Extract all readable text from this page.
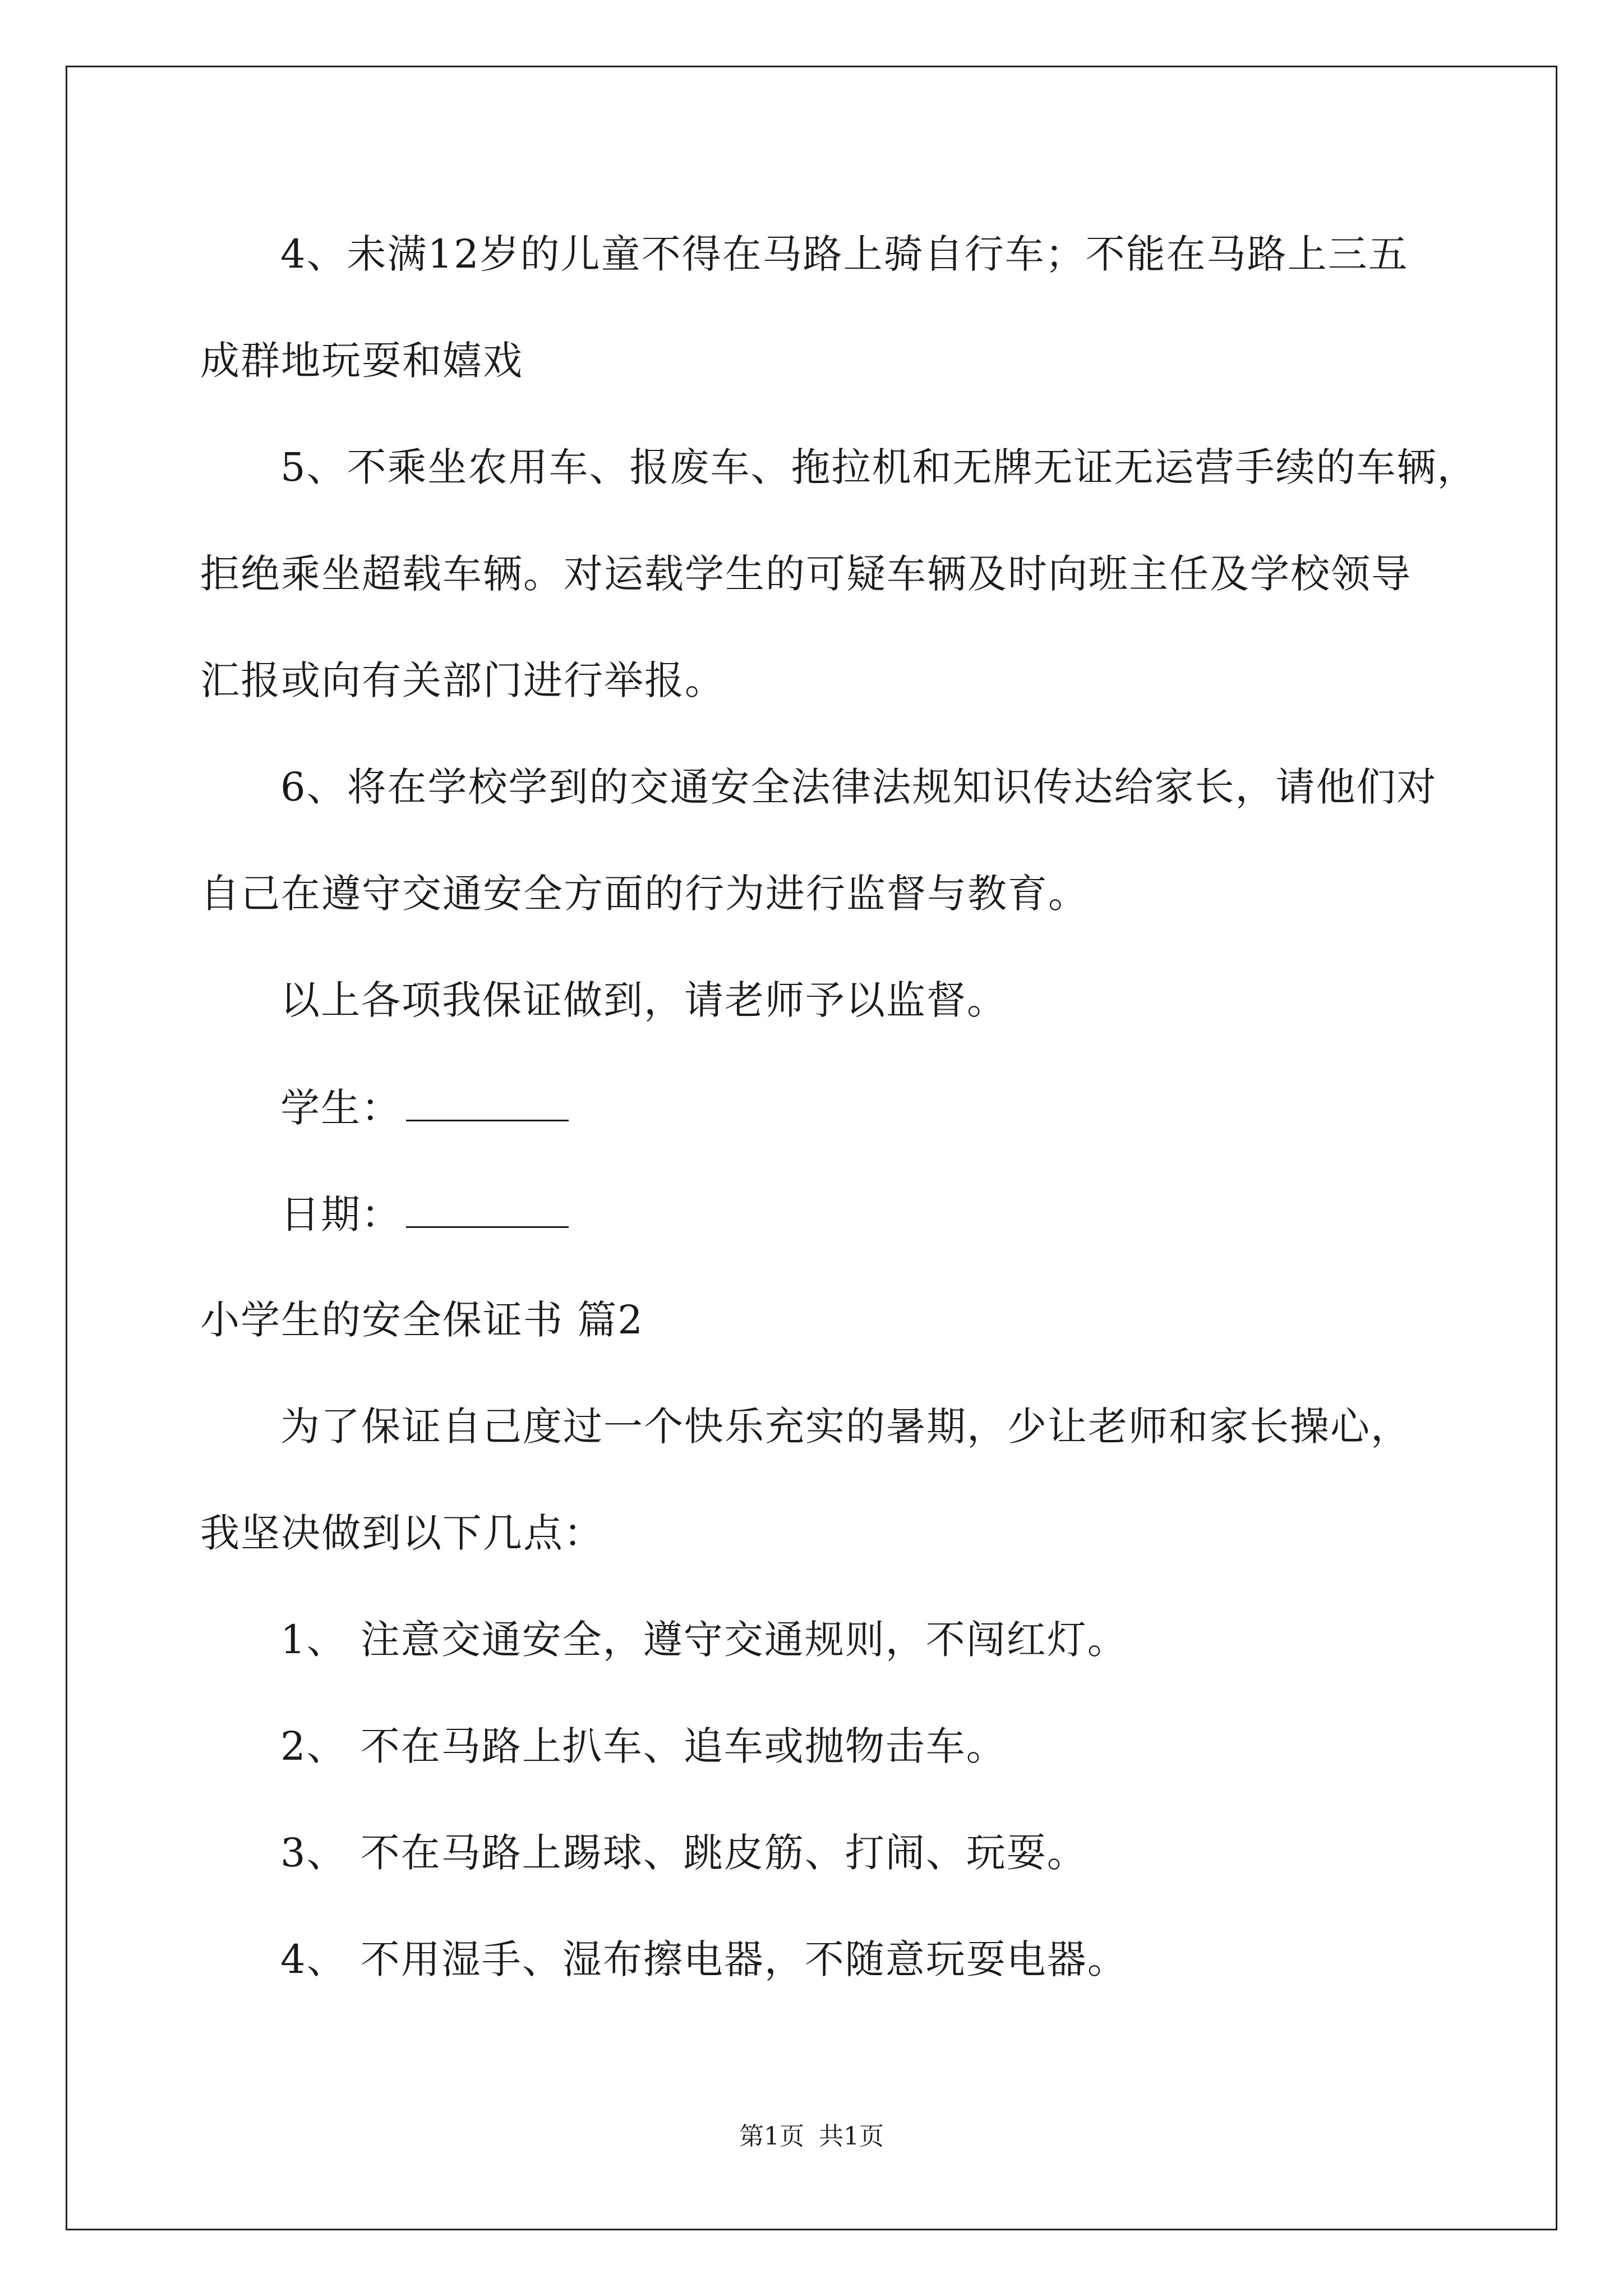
4、未满12岁的儿童不得在马路上骑自行车；不能在马路上三五

成群地玩耍和嬉戏

5、不乘坐农用车、报废车、拖拉机和无牌无证无运营手续的车辆，

拒绝乘坐超载车辆。对运载学生的可疑车辆及时向班主任及学校领导

汇报或向有关部门进行举报。

6、将在学校学到的交通安全法律法规知识传达给家长，请他们对

自己在遵守交通安全方面的行为进行监督与教育。

以上各项我保证做到，请老师予以监督。

学生：

日期：

小学生的安全保证书 篇2

为了保证自己度过一个快乐充实的暑期，少让老师和家长操心，

我坚决做到以下几点：

1、 注意交通安全，遵守交通规则，不闯红灯。

2、 不在马路上扒车、追车或抛物击车。

3、 不在马路上踢球、跳皮筋、打闹、玩耍。

4、 不用湿手、湿布擦电器，不随意玩耍电器。

第1页 共1页
